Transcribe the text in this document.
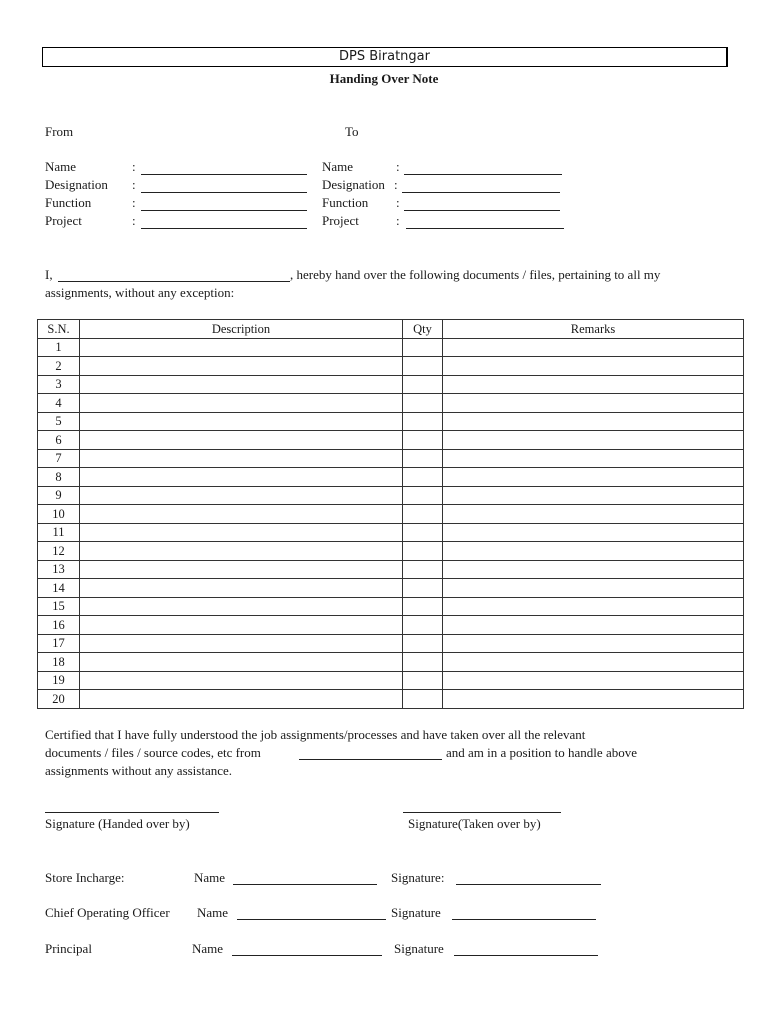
DPS Biratngar
Handing Over Note
From	To
Name	:
Designation :
Function	:
Project	:
Name	:
Designation :
Function :
Project	:
I,	, hereby hand over the following documents / files, pertaining to all my
assignments, without any exception:
S.N.	Description	Qty	Remarks
1			
2			
3			
4			
5			
6			
7			
8			
9			
10			
11			
12			
13			
14			
15			
16			
17			
18			
19			
20			
Certified that I have fully understood the job assignments/processes and have taken over all the relevant
documents / files / source codes, etc from	and am in a position to handle above
assignments without any assistance.
Signature (Handed over by)	Signature(Taken over by)
Store Incharge:	Name	Signature:
Chief Operating Officer Name	Signature
Principal	Name	Signature
